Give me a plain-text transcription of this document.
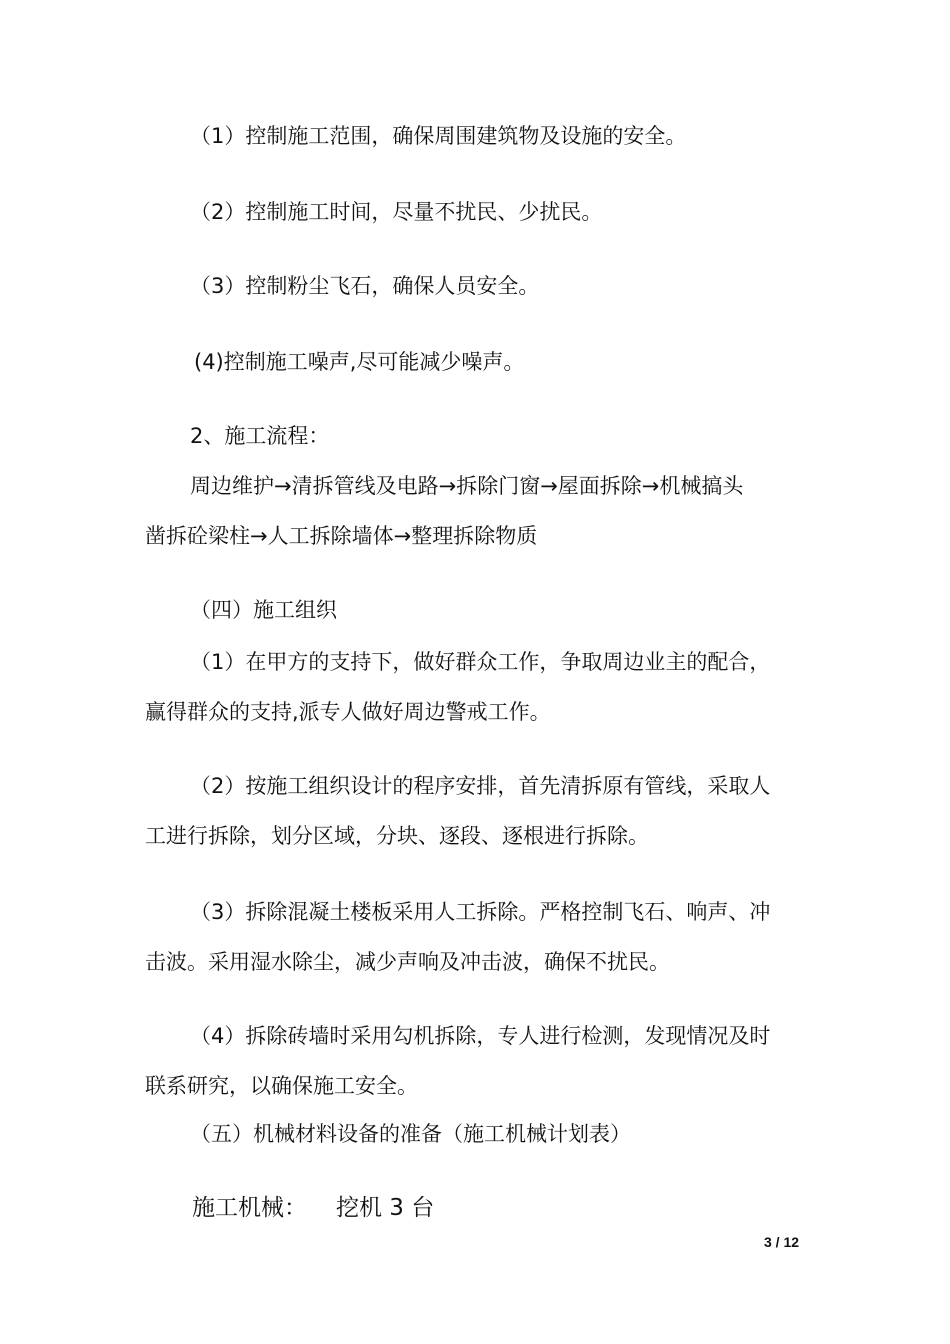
（1）控制施工范围，确保周围建筑物及设施的安全。
（2）控制施工时间，尽量不扰民、少扰民。
（3）控制粉尘飞石，确保人员安全。
(4)控制施工噪声,尽可能减少噪声。
2、施工流程：
周边维护→清拆管线及电路→拆除门窗→屋面拆除→机械搞头
凿拆砼梁柱→人工拆除墙体→整理拆除物质
（四）施工组织
（1）在甲方的支持下，做好群众工作，争取周边业主的配合，
赢得群众的支持,派专人做好周边警戒工作。
（2）按施工组织设计的程序安排，首先清拆原有管线，采取人
工进行拆除，划分区域，分块、逐段、逐根进行拆除。
（3）拆除混凝土楼板采用人工拆除。严格控制飞石、响声、冲
击波。采用湿水除尘，减少声响及冲击波，确保不扰民。
（4）拆除砖墙时采用勾机拆除，专人进行检测，发现情况及时
联系研究，以确保施工安全。
（五）机械材料设备的准备（施工机械计划表）
施工机械： 挖机 3 台
3 / 12
